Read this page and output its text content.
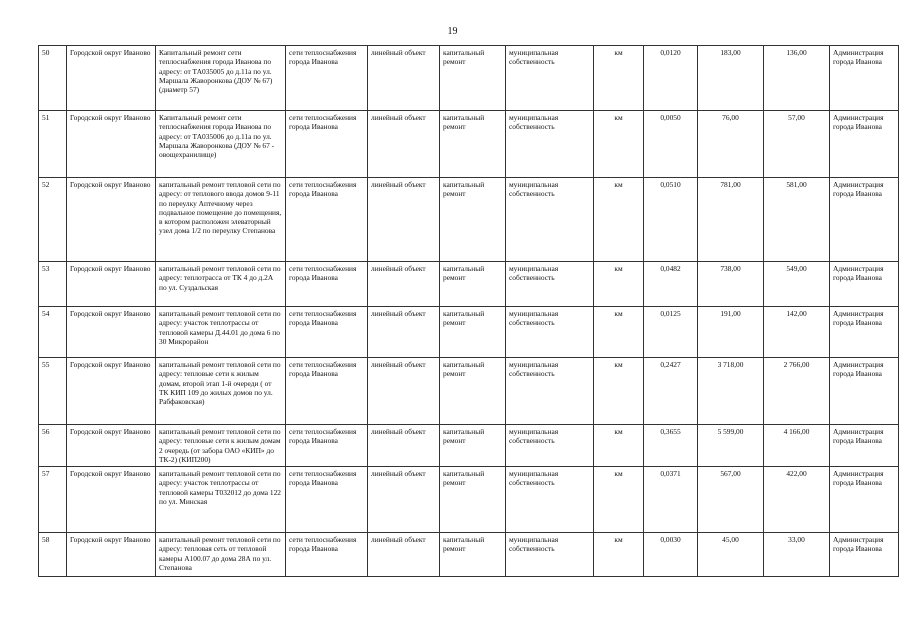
19
50	Городской округ Иваново	Капитальный ремонт сети теплоснабжения города Иванова по адресу: от ТА035005 до д.11а по ул. Маршала Жаворонкова (ДОУ № 67) (диаметр 57)	сети теплоснабжения города Иванова	линейный объект	капитальный ремонт	муниципальная собственность	км	0,0120	183,00	136,00	Администрация города Иванова
51	Городской округ Иваново	Капитальный ремонт сети теплоснабжения города Иванова по адресу: от ТА035006 до д.11а по ул. Маршала Жаворонкова (ДОУ № 67 - овощехранилище)	сети теплоснабжения города Иванова	линейный объект	капитальный ремонт	муниципальная собственность	км	0,0050	76,00	57,00	Администрация города Иванова
52	Городской округ Иваново	капитальный ремонт тепловой сети по адресу: от теплового ввода домов 9-11 по переулку Аптечному через подвальное помещение до помещения, в котором расположен элеваторный узел дома 1/2 по переулку Степанова	сети теплоснабжения города Иванова	линейный объект	капитальный ремонт	муниципальная собственность	км	0,0510	781,00	581,00	Администрация города Иванова
53	Городской округ Иваново	капитальный ремонт тепловой сети по адресу: теплотрасса от ТК 4 до д.2А по ул. Суздальская	сети теплоснабжения города Иванова	линейный объект	капитальный ремонт	муниципальная собственность	км	0,0482	738,00	549,00	Администрация города Иванова
54	Городской округ Иваново	капитальный ремонт тепловой сети по адресу: участок теплотрассы от тепловой камеры Д.44.01 до дома 6 по 30 Микрорайон	сети теплоснабжения города Иванова	линейный объект	капитальный ремонт	муниципальная собственность	км	0,0125	191,00	142,00	Администрация города Иванова
55	Городской округ Иваново	капитальный ремонт тепловой сети по адресу: тепловые сети к жилым домам, второй этап 1-й очереди ( от ТК КИП 109 до жилых домов по ул. Рабфаковская)	сети теплоснабжения города Иванова	линейный объект	капитальный ремонт	муниципальная собственность	км	0,2427	3 718,00	2 766,00	Администрация города Иванова
56	Городской округ Иваново	капитальный ремонт тепловой сети по адресу: тепловые сети к жилым домам 2 очередь (от забора ОАО «КИП» до ТК-2) (КИП200)	сети теплоснабжения города Иванова	линейный объект	капитальный ремонт	муниципальная собственность	км	0,3655	5 599,00	4 166,00	Администрация города Иванова
57	Городской округ Иваново	капитальный ремонт тепловой сети по адресу: участок теплотрассы от тепловой камеры Т032012 до дома 122 по ул. Минская	сети теплоснабжения города Иванова	линейный объект	капитальный ремонт	муниципальная собственность	км	0,0371	567,00	422,00	Администрация города Иванова
58	Городской округ Иваново	капитальный ремонт тепловой сети по адресу: тепловая сеть от тепловой камеры А100.07 до дома 28А по ул. Степанова	сети теплоснабжения города Иванова	линейный объект	капитальный ремонт	муниципальная собственность	км	0,0030	45,00	33,00	Администрация города Иванова
